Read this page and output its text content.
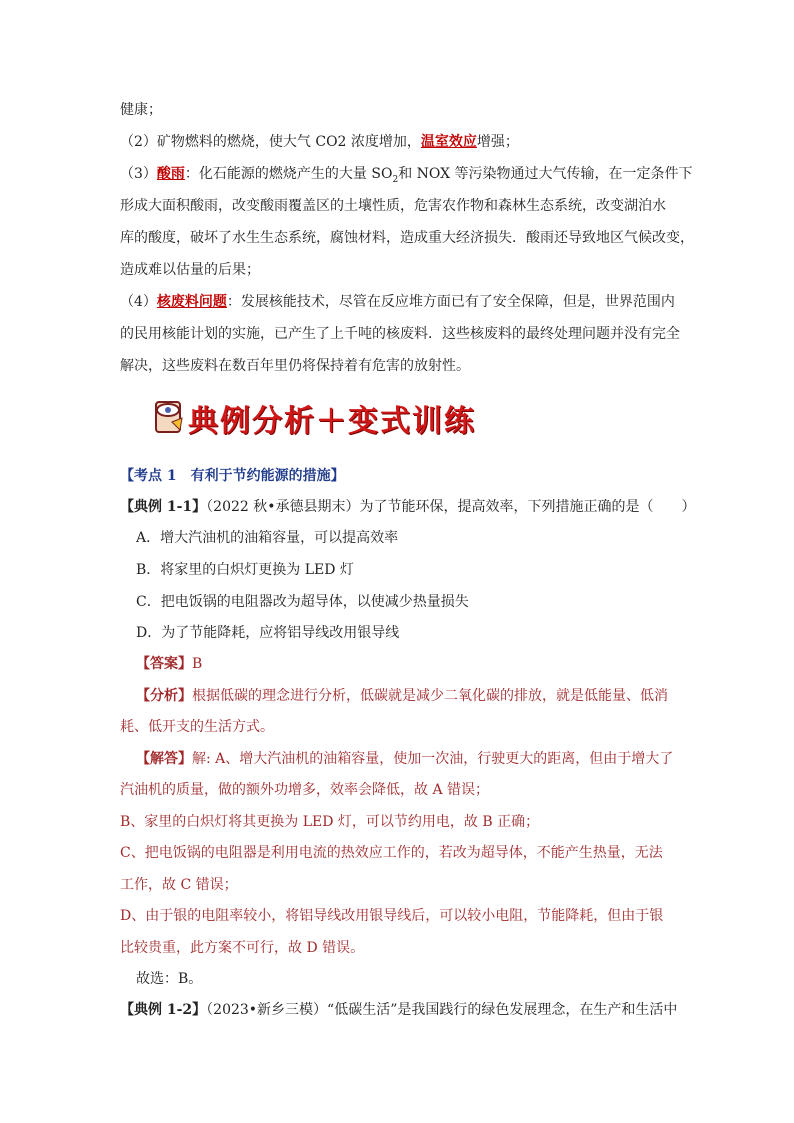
健康；
（2）矿物燃料的燃烧，使大气 CO2 浓度增加，温室效应增强；
（3）酸雨：化石能源的燃烧产生的大量 $SO_2$和 NOX 等污染物通过大气传输，在一定条件下
形成大面积酸雨，改变酸雨覆盖区的土壤性质，危害农作物和森林生态系统，改变湖泊水
库的酸度，破坏了水生生态系统，腐蚀材料，造成重大经济损失．酸雨还导致地区气候改变，
造成难以估量的后果；
（4）核废料问题：发展核能技术，尽管在反应堆方面已有了安全保障，但是，世界范围内
的民用核能计划的实施，已产生了上千吨的核废料．这些核废料的最终处理问题并没有完全
解决，这些废料在数百年里仍将保持着有危害的放射性。
典例分析＋变式训练
【考点 1　有利于节约能源的措施】
【典例 1-1】（2022 秋•承德县期末）为了节能环保，提高效率，下列措施正确的是（　　）
A．增大汽油机的油箱容量，可以提高效率
B．将家里的白炽灯更换为 LED 灯
C．把电饭锅的电阻器改为超导体，以使减少热量损失
D．为了节能降耗，应将铝导线改用银导线
【答案】B
【分析】根据低碳的理念进行分析，低碳就是减少二氧化碳的排放，就是低能量、低消
耗、低开支的生活方式。
【解答】解: A、增大汽油机的油箱容量，使加一次油，行驶更大的距离，但由于增大了
汽油机的质量，做的额外功增多，效率会降低，故 A 错误；
B、家里的白炽灯将其更换为 LED 灯，可以节约用电，故 B 正确；
C、把电饭锅的电阻器是利用电流的热效应工作的，若改为超导体，不能产生热量，无法
工作，故 C 错误；
D、由于银的电阻率较小，将铝导线改用银导线后，可以较小电阻，节能降耗，但由于银
比较贵重，此方案不可行，故 D 错误。
故选：B。
【典例 1-2】（2023•新乡三模）“低碳生活”是我国践行的绿色发展理念，在生产和生活中
